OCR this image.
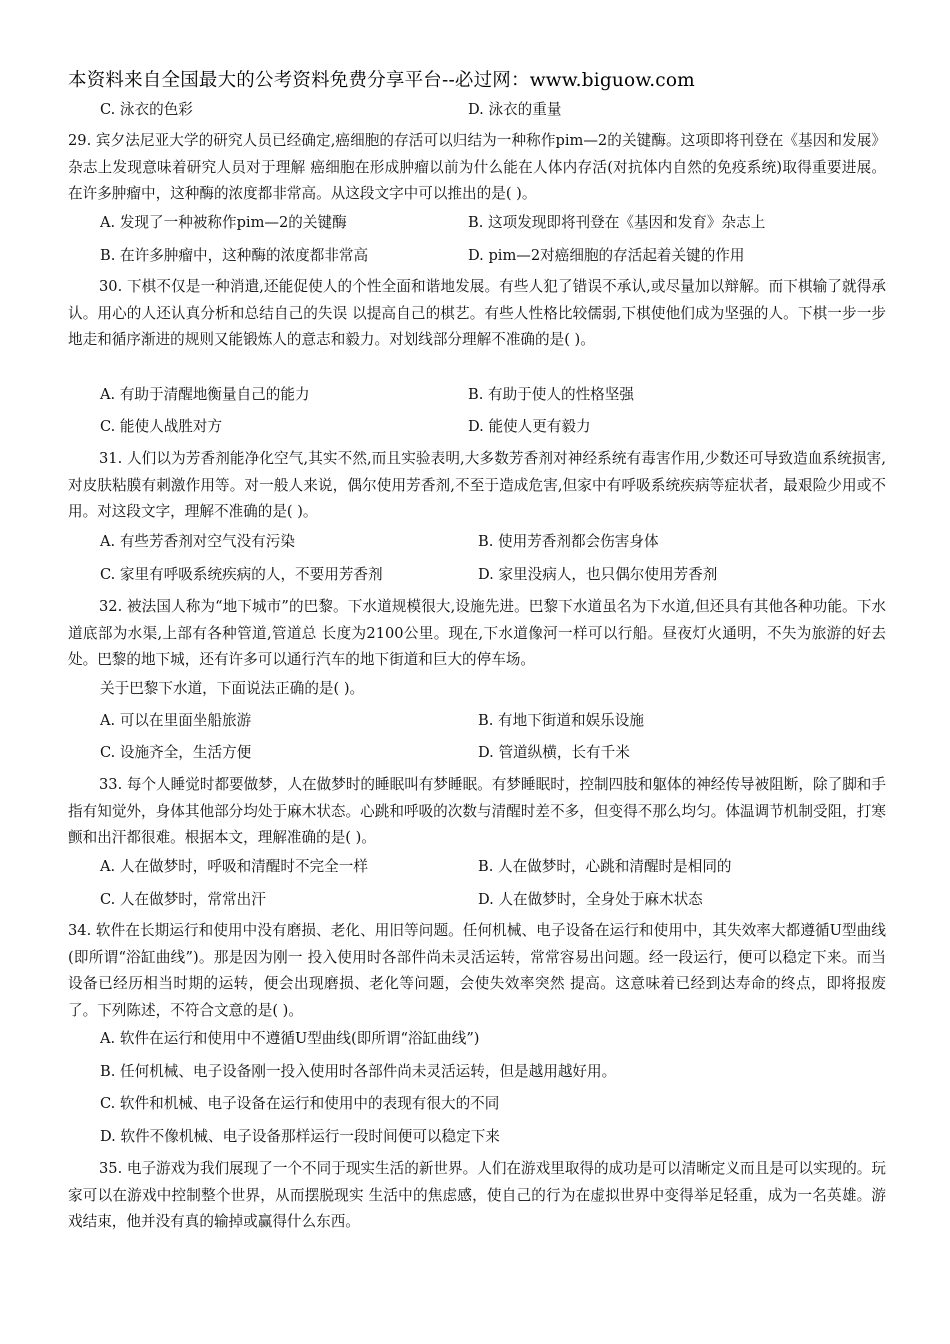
本资料来自全国最大的公考资料免费分享平台--必过网：www.biguow.com
C. 泳衣的色彩	D. 泳衣的重量
29. 宾夕法尼亚大学的研究人员已经确定,癌细胞的存活可以归结为一种称作pim—2的关键酶。这项即将刊登在《基因和发展》杂志上发现意味着研究人员对于理解 癌细胞在形成肿瘤以前为什么能在人体内存活(对抗体内自然的免疫系统)取得重要进展。在许多肿瘤中，这种酶的浓度都非常高。从这段文字中可以推出的是( )。
A. 发现了一种被称作pim—2的关键酶	B. 这项发现即将刊登在《基因和发育》杂志上
B. 在许多肿瘤中，这种酶的浓度都非常高	D. pim—2对癌细胞的存活起着关键的作用
30. 下棋不仅是一种消遣,还能促使人的个性全面和谐地发展。有些人犯了错误不承认,或尽量加以辩解。而下棋输了就得承认。用心的人还认真分析和总结自己的失误 以提高自己的棋艺。有些人性格比较儒弱,下棋使他们成为坚强的人。下棋一步一步地走和循序渐进的规则又能锻炼人的意志和毅力。对划线部分理解不准确的是( )。
A. 有助于清醒地衡量自己的能力	B. 有助于使人的性格坚强
C. 能使人战胜对方	D. 能使人更有毅力
31. 人们以为芳香剂能净化空气,其实不然,而且实验表明,大多数芳香剂对神经系统有毒害作用,少数还可导致造血系统损害,对皮肤粘膜有刺激作用等。对一般人来说，偶尔使用芳香剂,不至于造成危害,但家中有呼吸系统疾病等症状者，最艰险少用或不用。对这段文字，理解不准确的是( )。
A. 有些芳香剂对空气没有污染	B. 使用芳香剂都会伤害身体
C. 家里有呼吸系统疾病的人，不要用芳香剂	D. 家里没病人，也只偶尔使用芳香剂
32. 被法国人称为“地下城市”的巴黎。下水道规模很大,设施先进。巴黎下水道虽名为下水道,但还具有其他各种功能。下水道底部为水渠,上部有各种管道,管道总 长度为2100公里。现在,下水道像河一样可以行船。昼夜灯火通明，不失为旅游的好去处。巴黎的地下城，还有许多可以通行汽车的地下街道和巨大的停车场。
关于巴黎下水道，下面说法正确的是( )。
A. 可以在里面坐船旅游	B. 有地下街道和娱乐设施
C. 设施齐全，生活方便	D. 管道纵横，长有千米
33. 每个人睡觉时都要做梦，人在做梦时的睡眠叫有梦睡眠。有梦睡眠时，控制四肢和躯体的神经传导被阻断，除了脚和手指有知觉外，身体其他部分均处于麻木状态。心跳和呼吸的次数与清醒时差不多，但变得不那么均匀。体温调节机制受阻，打寒颤和出汗都很难。根据本文，理解准确的是( )。
A. 人在做梦时，呼吸和清醒时不完全一样	B. 人在做梦时，心跳和清醒时是相同的
C. 人在做梦时，常常出汗	D. 人在做梦时，全身处于麻木状态
34. 软件在长期运行和使用中没有磨损、老化、用旧等问题。任何机械、电子设备在运行和使用中，其失效率大都遵循U型曲线(即所谓“浴缸曲线”)。那是因为刚一 投入使用时各部件尚未灵活运转，常常容易出问题。经一段运行，便可以稳定下来。而当设备已经历相当时期的运转，便会出现磨损、老化等问题，会使失效率突然 提高。这意味着已经到达寿命的终点，即将报废了。下列陈述，不符合文意的是( )。
A. 软件在运行和使用中不遵循U型曲线(即所谓“浴缸曲线”)
B. 任何机械、电子设备刚一投入使用时各部件尚未灵活运转，但是越用越好用。
C. 软件和机械、电子设备在运行和使用中的表现有很大的不同
D. 软件不像机械、电子设备那样运行一段时间便可以稳定下来
35. 电子游戏为我们展现了一个不同于现实生活的新世界。人们在游戏里取得的成功是可以清晰定义而且是可以实现的。玩家可以在游戏中控制整个世界，从而摆脱现实 生活中的焦虑感，使自己的行为在虚拟世界中变得举足轻重，成为一名英雄。游戏结束，他并没有真的输掉或赢得什么东西。
